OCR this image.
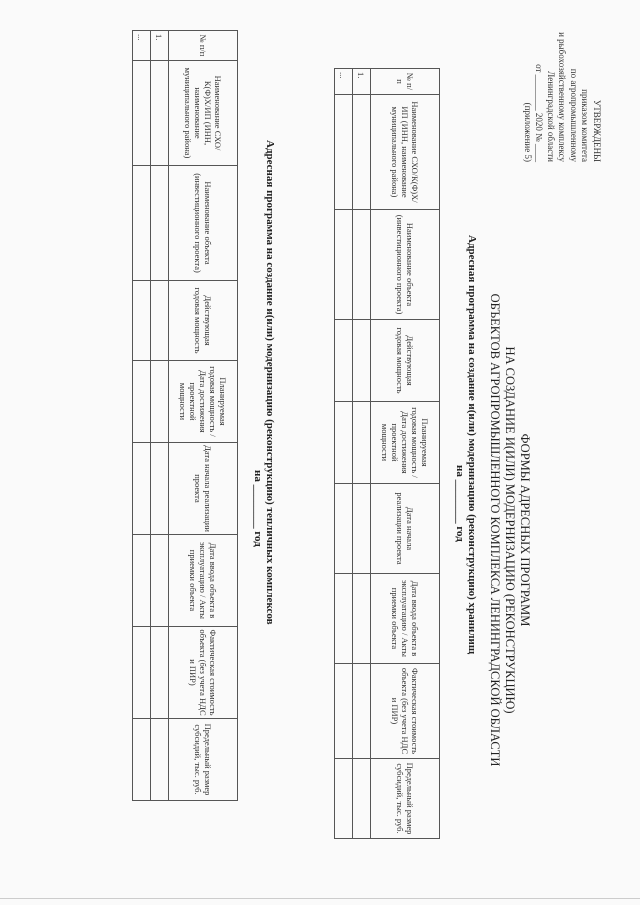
УТВЕРЖДЕНЫ
приказом комитета
по агропромышленному
и рыбохозяйственному комплексу
Ленинградской области
от ________ 2020 № ____
(приложение 5)
ФОРМЫ АДРЕСНЫХ ПРОГРАММ
НА СОЗДАНИЕ И(ИЛИ) МОДЕРНИЗАЦИЮ (РЕКОНСТРУКЦИЮ)
ОБЪЕКТОВ АГРОПРОМЫШЛЕННОГО КОМПЛЕКСА ЛЕНИНГРАДСКОЙ ОБЛАСТИ
Адресная программа на создание и(или) модернизацию (реконструкцию) хранилищ
на ________ год
№ п/п	Наименование СХО/К(Ф)Х/ИП (ИНН, наименование муниципального района)	Наименование объекта (инвестиционного проекта)	Действующая годовая мощность	Планируемая годовая мощность /Дата достижения проектной мощности	Дата начала реализации проекта	Дата ввода объекта в эксплуатацию / Акты приемки объекта	Фактическая стоимость объекта (без учета НДС и ПИР)	Предельный размер субсидий, тыс. руб.
1.								
...								
Адресная программа на создание и(или) модернизацию (реконструкцию) тепличных комплексов
на ________ год
№ п/п	Наименование СХО/К(Ф)Х/ИП (ИНН, наименование муниципального района)	Наименование объекта (инвестиционного проекта)	Действующая годовая мощность	Планируемая годовая мощность /Дата достижения проектной мощности	Дата начала реализации проекта	Дата ввода объекта в эксплуатацию / Акты приемки объекта	Фактическая стоимость объекта (без учета НДС и ПИР)	Предельный размер субсидий, тыс. руб.
1.								
...								
